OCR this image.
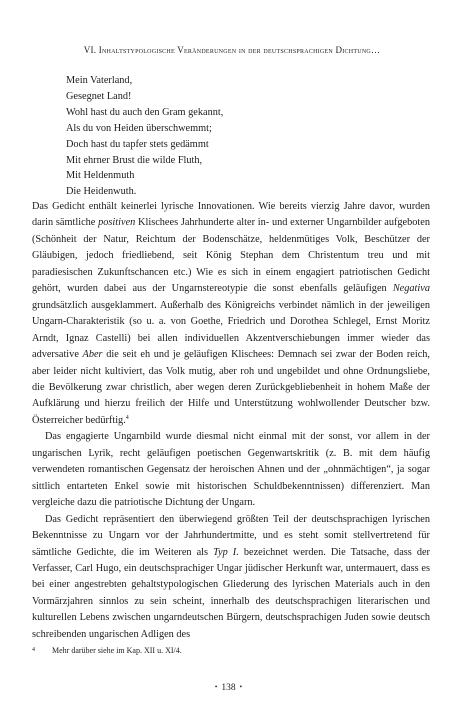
VI. Inhaltstypologische Veränderungen in der deutschsprachigen Dichtung…
Mein Vaterland,
Gesegnet Land!
Wohl hast du auch den Gram gekannt,
Als du von Heiden überschwemmt;
Doch hast du tapfer stets gedämmt
Mit ehrner Brust die wilde Fluth,
Mit Heldenmuth
Die Heidenwuth.

Das Gedicht enthält keinerlei lyrische Innovationen. Wie bereits vierzig Jahre davor, wurden darin sämtliche positiven Klischees Jahrhunderte alter in- und externer Ungarnbilder aufgeboten (Schönheit der Natur, Reichtum der Bodenschätze, heldenmütiges Volk, Beschützer der Gläubigen, jedoch friedliebend, seit König Stephan dem Christentum treu und mit paradiesischen Zukunftschancen etc.) Wie es sich in einem engagiert patriotischen Gedicht gehört, wurden dabei aus der Ungarnstereotypie die sonst ebenfalls geläufigen Negativa grundsätzlich ausgeklammert. Außerhalb des Königreichs verbindet nämlich in der jeweiligen Ungarn-Charakteristik (so u. a. von Goethe, Friedrich und Dorothea Schlegel, Ernst Moritz Arndt, Ignaz Castelli) bei allen individuellen Akzentverschiebungen immer wieder das adversative Aber die seit eh und je geläufigen Klischees: Demnach sei zwar der Boden reich, aber leider nicht kultiviert, das Volk mutig, aber roh und ungebildet und ohne Ordnungsliebe, die Bevölkerung zwar christlich, aber wegen deren Zurückgebliebenheit in hohem Maße der Aufklärung und hierzu freilich der Hilfe und Unterstützung wohlwollender Deutscher bzw. Österreicher bedürftig.$^4$

Das engagierte Ungarnbild wurde diesmal nicht einmal mit der sonst, vor allem in der ungarischen Lyrik, recht geläufigen poetischen Gegenwartskritik (z. B. mit dem häufig verwendeten romantischen Gegensatz der heroischen Ahnen und der „ohnmächtigen“, ja sogar sittlich entarteten Enkel sowie mit historischen Schuldbekenntnissen) differenziert. Man vergleiche dazu die patriotische Dichtung der Ungarn.

Das Gedicht repräsentiert den überwiegend größten Teil der deutschsprachigen lyrischen Bekenntnisse zu Ungarn vor der Jahrhundertmitte, und es steht somit stellvertretend für sämtliche Gedichte, die im Weiteren als Typ I. bezeichnet werden. Die Tatsache, dass der Verfasser, Carl Hugo, ein deutschsprachiger Ungar jüdischer Herkunft war, untermauert, dass es bei einer angestrebten gehaltstypologischen Gliederung des lyrischen Materials auch in den Vormärzjahren sinnlos zu sein scheint, innerhalb des deutschsprachigen literarischen und kulturellen Lebens zwischen ungarndeutschen Bürgern, deutschsprachigen Juden sowie deutsch schreibenden ungarischen Adligen des

4 Mehr darüber siehe im Kap. XII u. XI/4.
• 138 •
